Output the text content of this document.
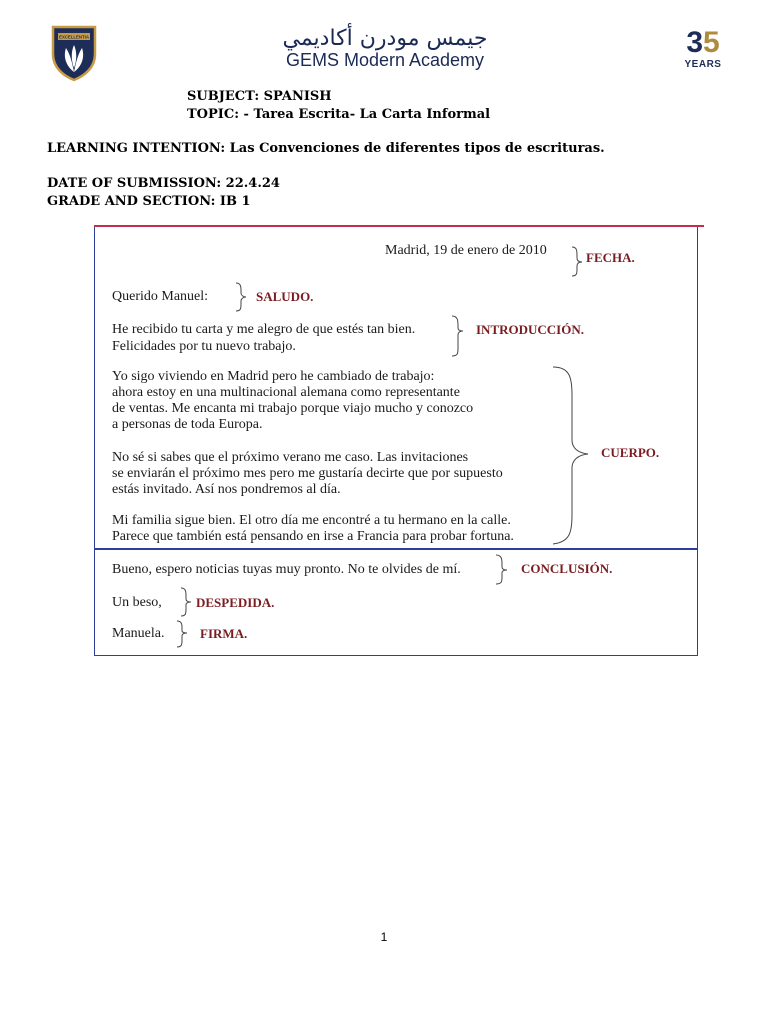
EXCELLENTIA	جيمس مودرن أكاديمي
GEMS Modern Academy
35
YEARS
SUBJECT: SPANISH
TOPIC: - Tarea Escrita- La Carta Informal
LEARNING INTENTION: Las Convenciones de diferentes tipos de escrituras.
DATE OF SUBMISSION: 22.4.24
GRADE AND SECTION: IB 1
Madrid, 19 de enero de 2010
Querido Manuel:
He recibido tu carta y me alegro de que estés tan bien.
Felicidades por tu nuevo trabajo.
Yo sigo viviendo en Madrid pero he cambiado de trabajo:
ahora estoy en una multinacional alemana como representante
de ventas. Me encanta mi trabajo porque viajo mucho y conozco
a personas de toda Europa.
No sé si sabes que el próximo verano me caso. Las invitaciones
se enviarán el próximo mes pero me gustaría decirte que por supuesto
estás invitado. Así nos pondremos al día.
Mi familia sigue bien. El otro día me encontré a tu hermano en la calle.
Parece que también está pensando en irse a Francia para probar fortuna.
Bueno, espero noticias tuyas muy pronto. No te olvides de mí.
Un beso,
Manuela.
FECHA.
SALUDO.
INTRODUCCIÓN.
CUERPO.
CONCLUSIÓN.
DESPEDIDA.
FIRMA.
1
